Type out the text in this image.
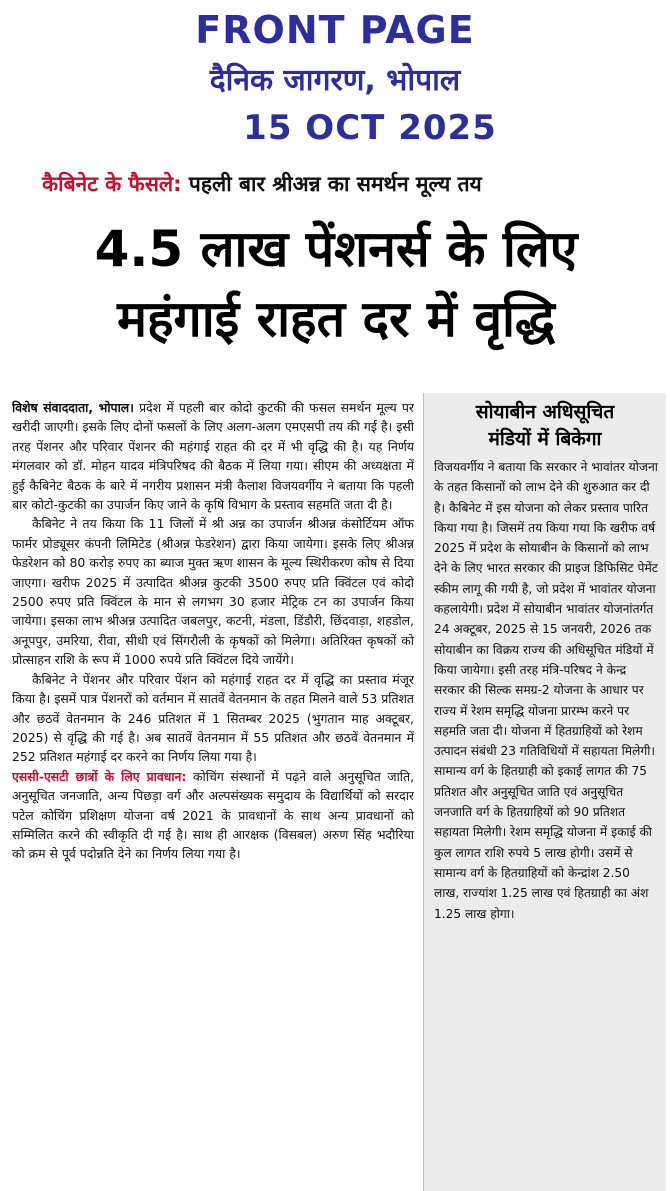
FRONT PAGE
दैनिक जागरण, भोपाल
15 OCT 2025
कैबिनेट के फैसले: पहली बार श्रीअन्न का समर्थन मूल्य तय
4.5 लाख पेंशनर्स के लिए
महंगाई राहत दर में वृद्धि

विशेष संवाददाता, भोपाल। प्रदेश में पहली बार कोदो कुटकी की फसल समर्थन मूल्य पर खरीदी जाएगी। इसके लिए दोनों फसलों के लिए अलग-अलग एमएसपी तय की गई है। इसी तरह पेंशनर और परिवार पेंशनर की महंगाई राहत की दर में भी वृद्धि की है। यह निर्णय मंगलवार को डॉ. मोहन यादव मंत्रिपरिषद की बैठक में लिया गया। सीएम की अध्यक्षता में हुई कैबिनेट बैठक के बारे में नगरीय प्रशासन मंत्री कैलाश विजयवर्गीय ने बताया कि पहली बार कोटो-कुटकी का उपार्जन किए जाने के कृषि विभाग के प्रस्ताव सहमति जता दी है।

कैबिनेट ने तय किया कि 11 जिलों में श्री अन्न का उपार्जन श्रीअन्न कंसोर्टियम ऑफ फार्मर प्रोड्यूसर कंपनी लिमिटेड (श्रीअन्न फेडरेशन) द्वारा किया जायेगा। इसके लिए श्रीअन्न फेडरेशन को 80 करोड़ रुपए का ब्याज मुक्त ऋण शासन के मूल्य स्थिरीकरण कोष से दिया जाएगा। खरीफ 2025 में उत्पादित श्रीअन्न कुटकी 3500 रुपए प्रति क्विंटल एवं कोदो 2500 रुपए प्रति क्विंटल के मान से लगभग 30 हजार मेट्रिक टन का उपार्जन किया जायेगा। इसका लाभ श्रीअन्न उत्पादित जबलपुर, कटनी, मंडला, डिंडौरी, छिंदवाड़ा, शहडोल, अनूपपुर, उमरिया, रीवा, सीधी एवं सिंगरौली के कृषकों को मिलेगा। अतिरिक्त कृषकों को प्रोत्साहन राशि के रूप में 1000 रुपये प्रति क्विंटल दिये जायेंगे।

कैबिनेट ने पेंशनर और परिवार पेंशन को महंगाई राहत दर में वृद्धि का प्रस्ताव मंजूर किया है। इसमें पात्र पेंशनरों को वर्तमान में सातवें वेतनमान के तहत मिलने वाले 53 प्रतिशत और छठवें वेतनमान के 246 प्रतिशत में 1 सितम्बर 2025 (भुगतान माह अक्टूबर, 2025) से वृद्धि की गई है। अब सातवें वेतनमान में 55 प्रतिशत और छठवें वेतनमान में 252 प्रतिशत महंगाई दर करने का निर्णय लिया गया है।

एससी-एसटी छात्रों के लिए प्रावधान: कोचिंग संस्थानों में पढ़ने वाले अनुसूचित जाति, अनुसूचित जनजाति, अन्य पिछड़ा वर्ग और अल्पसंख्यक समुदाय के विद्यार्थियों को सरदार पटेल कोचिंग प्रशिक्षण योजना वर्ष 2021 के प्रावधानों के साथ अन्य प्रावधानों को सम्मिलित करने की स्वीकृति दी गई है। साथ ही आरक्षक (विसबल) अरुण सिंह भदौरिया को क्रम से पूर्व पदोन्नति देने का निर्णय लिया गया है।

सोयाबीन अधिसूचित
मंडियों में बिकेगा

विजयवर्गीय ने बताया कि सरकार ने भावांतर योजना के तहत किसानों को लाभ देने की शुरुआत कर दी है। कैबिनेट में इस योजना को लेकर प्रस्ताव पारित किया गया है। जिसमें तय किया गया कि खरीफ वर्ष 2025 में प्रदेश के सोयाबीन के किसानों को लाभ देने के लिए भारत सरकार की प्राइज डिफिसिट पेमेंट स्कीम लागू की गयी है, जो प्रदेश में भावांतर योजना कहलायेगी। प्रदेश में सोयाबीन भावांतर योजनांतर्गत 24 अक्टूबर, 2025 से 15 जनवरी, 2026 तक सोयाबीन का विक्रय राज्य की अधिसूचित मंडियों में किया जायेगा। इसी तरह मंत्रि-परिषद ने केन्द्र सरकार की सिल्क समग्र-2 योजना के आधार पर राज्य में रेशम समृद्धि योजना प्रारम्भ करने पर सहमति जता दी। योजना में हितग्राहियों को रेशम उत्पादन संबंधी 23 गतिविधियों में सहायता मिलेगी। सामान्य वर्ग के हितग्राही को इकाई लागत की 75 प्रतिशत और अनुसूचित जाति एवं अनुसूचित जनजाति वर्ग के हितग्राहियों को 90 प्रतिशत सहायता मिलेगी। रेशम समृद्धि योजना में इकाई की कुल लागत राशि रुपये 5 लाख होगी। उसमें से सामान्य वर्ग के हितग्राहियों को केन्द्रांश 2.50 लाख, राज्यांश 1.25 लाख एवं हितग्राही का अंश 1.25 लाख होगा।
